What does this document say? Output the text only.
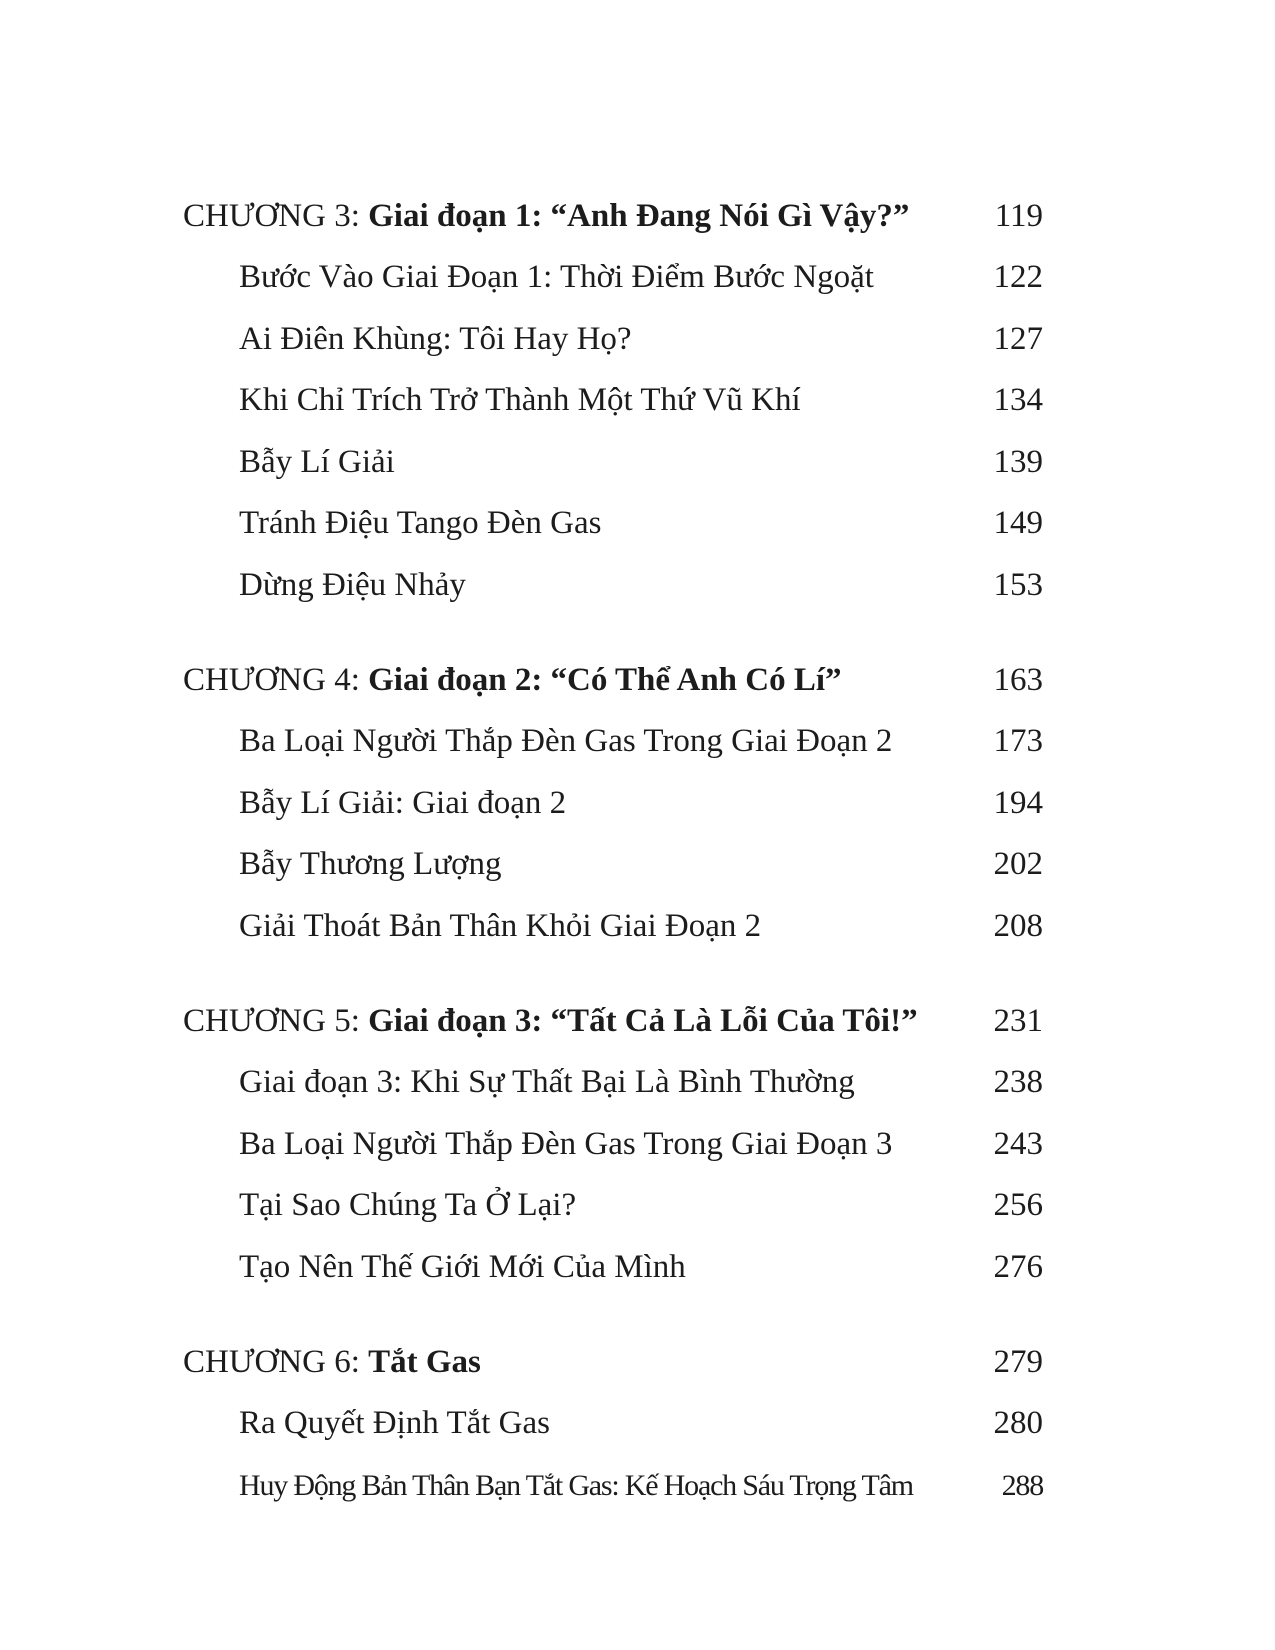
CHƯƠNG 3: Giai đoạn 1: “Anh Đang Nói Gì Vậy?” . . .	119
Bước Vào Giai Đoạn 1: Thời Điểm Bước Ngoặt . . .	122
Ai Điên Khùng: Tôi Hay Họ? . . .	127
Khi Chỉ Trích Trở Thành Một Thứ Vũ Khí . . .	134
Bẫy Lí Giải . . .	139
Tránh Điệu Tango Đèn Gas . . .	149
Dừng Điệu Nhảy . . .	153
CHƯƠNG 4: Giai đoạn 2: “Có Thể Anh Có Lí” . . .	163
Ba Loại Người Thắp Đèn Gas Trong Giai Đoạn 2 . . .	173
Bẫy Lí Giải: Giai đoạn 2 . . .	194
Bẫy Thương Lượng . . .	202
Giải Thoát Bản Thân Khỏi Giai Đoạn 2 . . .	208
CHƯƠNG 5: Giai đoạn 3: “Tất Cả Là Lỗi Của Tôi!” . . . 231
Giai đoạn 3: Khi Sự Thất Bại Là Bình Thường . . .	238
Ba Loại Người Thắp Đèn Gas Trong Giai Đoạn 3 . . .	243
Tại Sao Chúng Ta Ở Lại? . . .	256
Tạo Nên Thế Giới Mới Của Mình . . .	276
CHƯƠNG 6: Tắt Gas . . .	279
Ra Quyết Định Tắt Gas . . .	280
Huy Động Bản Thân Bạn Tắt Gas: Kế Hoạch Sáu Trọng Tâm . . .	288
